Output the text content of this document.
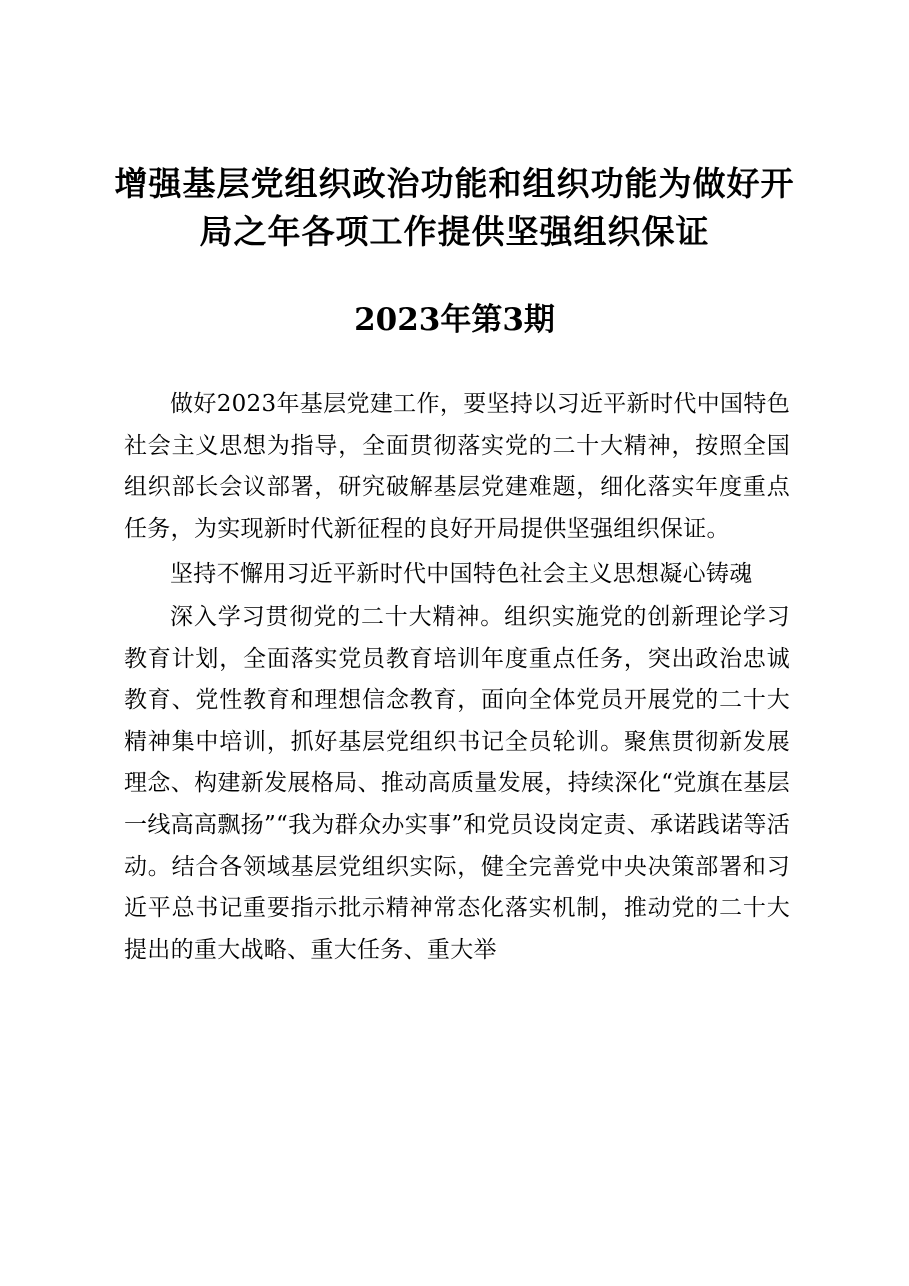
增强基层党组织政治功能和组织功能为做好开局之年各项工作提供坚强组织保证
2023年第3期

做好2023年基层党建工作，要坚持以习近平新时代中国特色社会主义思想为指导，全面贯彻落实党的二十大精神，按照全国组织部长会议部署，研究破解基层党建难题，细化落实年度重点任务，为实现新时代新征程的良好开局提供坚强组织保证。

坚持不懈用习近平新时代中国特色社会主义思想凝心铸魂

深入学习贯彻党的二十大精神。组织实施党的创新理论学习教育计划，全面落实党员教育培训年度重点任务，突出政治忠诚教育、党性教育和理想信念教育，面向全体党员开展党的二十大精神集中培训，抓好基层党组织书记全员轮训。聚焦贯彻新发展理念、构建新发展格局、推动高质量发展，持续深化“党旗在基层一线高高飘扬”“我为群众办实事”和党员设岗定责、承诺践诺等活动。结合各领域基层党组织实际，健全完善党中央决策部署和习近平总书记重要指示批示精神常态化落实机制，推动党的二十大提出的重大战略、重大任务、重大举
